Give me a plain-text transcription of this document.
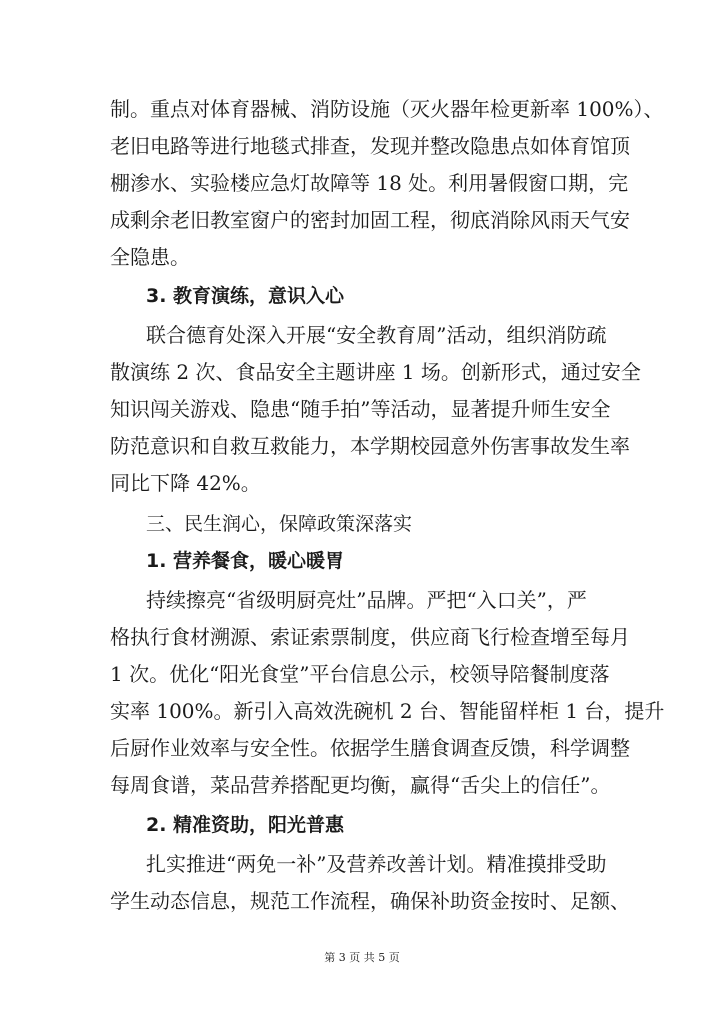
制。重点对体育器械、消防设施（灭火器年检更新率 100%）、
老旧电路等进行地毯式排查，发现并整改隐患点如体育馆顶
棚渗水、实验楼应急灯故障等 18 处。利用暑假窗口期，完
成剩余老旧教室窗户的密封加固工程，彻底消除风雨天气安
全隐患。
3. 教育演练，意识入心
联合德育处深入开展“安全教育周”活动，组织消防疏
散演练 2 次、食品安全主题讲座 1 场。创新形式，通过安全
知识闯关游戏、隐患“随手拍”等活动，显著提升师生安全
防范意识和自救互救能力，本学期校园意外伤害事故发生率
同比下降 42%。
三、民生润心，保障政策深落实
1. 营养餐食，暖心暖胃
持续擦亮“省级明厨亮灶”品牌。严把“入口关”，严
格执行食材溯源、索证索票制度，供应商飞行检查增至每月
1 次。优化“阳光食堂”平台信息公示，校领导陪餐制度落
实率 100%。新引入高效洗碗机 2 台、智能留样柜 1 台，提升
后厨作业效率与安全性。依据学生膳食调查反馈，科学调整
每周食谱，菜品营养搭配更均衡，赢得“舌尖上的信任”。
2. 精准资助，阳光普惠
扎实推进“两免一补”及营养改善计划。精准摸排受助
学生动态信息，规范工作流程，确保补助资金按时、足额、
第 3 页 共 5 页
